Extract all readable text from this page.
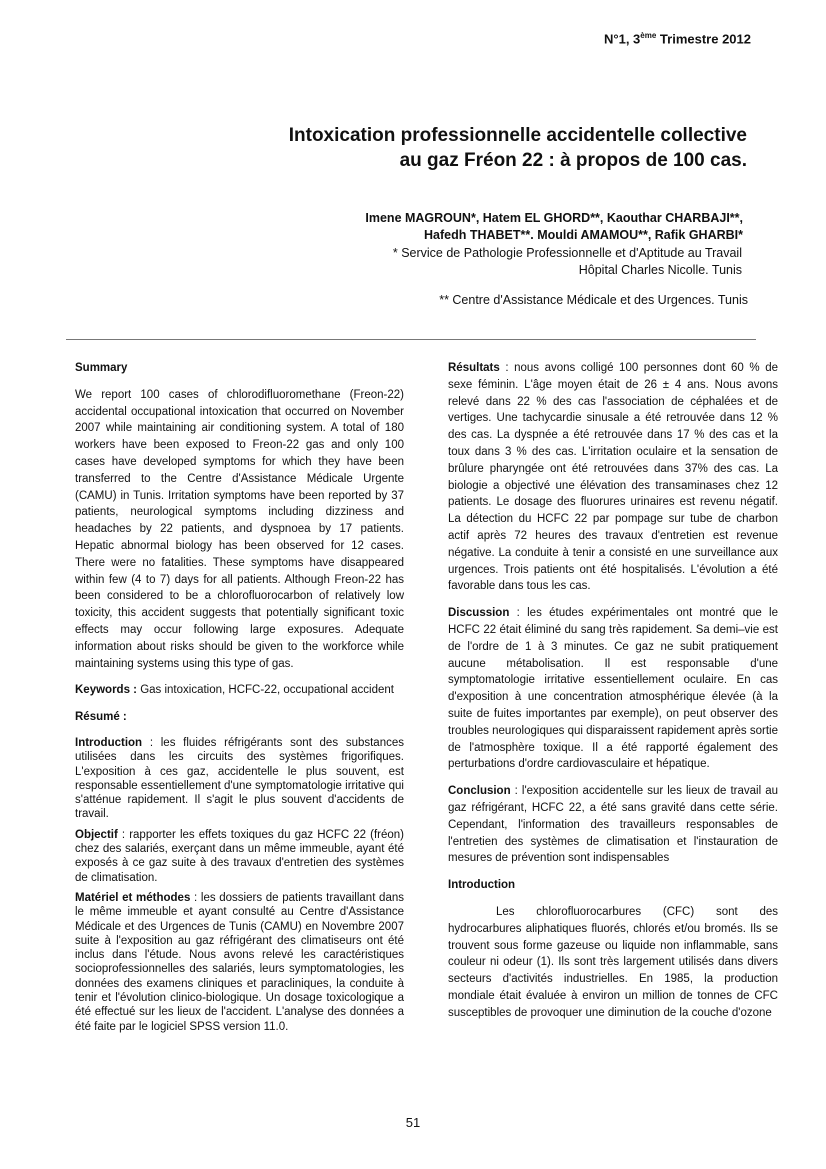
N°1, 3ème Trimestre 2012
Intoxication professionnelle accidentelle collective
au gaz Fréon 22 : à propos de 100 cas.
Imene MAGROUN*, Hatem EL GHORD**, Kaouthar CHARBAJI**,
Hafedh THABET**. Mouldi AMAMOU**, Rafik GHARBI*
* Service de Pathologie Professionnelle et d'Aptitude au Travail
Hôpital Charles Nicolle. Tunis
** Centre d'Assistance Médicale et des Urgences. Tunis
Summary

We report 100 cases of chlorodifluoromethane (Freon-22) accidental occupational intoxication that occurred on November 2007 while maintaining air conditioning system. A total of 180 workers have been exposed to Freon-22 gas and only 100 cases have developed symptoms for which they have been transferred to the Centre d'Assistance Médicale Urgente (CAMU) in Tunis. Irritation symptoms have been reported by 37 patients, neurological symptoms including dizziness and headaches by 22 patients, and dyspnoea by 17 patients. Hepatic abnormal biology has been observed for 12 cases. There were no fatalities. These symptoms have disappeared within few (4 to 7) days for all patients. Although Freon-22 has been considered to be a chlorofluorocarbon of relatively low toxicity, this accident suggests that potentially significant toxic effects may occur following large exposures. Adequate information about risks should be given to the workforce while maintaining systems using this type of gas.

Keywords : Gas intoxication, HCFC-22, occupational accident

Résumé :

Introduction : les fluides réfrigérants sont des substances utilisées dans les circuits des systèmes frigorifiques. L'exposition à ces gaz, accidentelle le plus souvent, est responsable essentiellement d'une symptomatologie irritative qui s'atténue rapidement. Il s'agit le plus souvent d'accidents de travail.

Objectif : rapporter les effets toxiques du gaz HCFC 22 (fréon) chez des salariés, exerçant dans un même immeuble, ayant été exposés à ce gaz suite à des travaux d'entretien des systèmes de climatisation.

Matériel et méthodes : les dossiers de patients travaillant dans le même immeuble et ayant consulté au Centre d'Assistance Médicale et des Urgences de Tunis (CAMU) en Novembre 2007 suite à l'exposition au gaz réfrigérant des climatiseurs ont été inclus dans l'étude. Nous avons relevé les caractéristiques socioprofessionnelles des salariés, leurs symptomatologies, les données des examens cliniques et paracliniques, la conduite à tenir et l'évolution clinico-biologique. Un dosage toxicologique a été effectué sur les lieux de l'accident. L'analyse des données a été faite par le logiciel SPSS version 11.0.

Résultats : nous avons colligé 100 personnes dont 60 % de sexe féminin. L'âge moyen était de 26 ± 4 ans. Nous avons relevé dans 22 % des cas l'association de céphalées et de vertiges. Une tachycardie sinusale a été retrouvée dans 12 % des cas. La dyspnée a été retrouvée dans 17 % des cas et la toux dans 3 % des cas. L'irritation oculaire et la sensation de brûlure pharyngée ont été retrouvées dans 37% des cas. La biologie a objectivé une élévation des transaminases chez 12 patients. Le dosage des fluorures urinaires est revenu négatif. La détection du HCFC 22 par pompage sur tube de charbon actif après 72 heures des travaux d'entretien est revenue négative. La conduite à tenir a consisté en une surveillance aux urgences. Trois patients ont été hospitalisés. L'évolution a été favorable dans tous les cas.

Discussion : les études expérimentales ont montré que le HCFC 22 était éliminé du sang très rapidement. Sa demi–vie est de l'ordre de 1 à 3 minutes. Ce gaz ne subit pratiquement aucune métabolisation. Il est responsable d'une symptomatologie irritative essentiellement oculaire. En cas d'exposition à une concentration atmosphérique élevée (à la suite de fuites importantes par exemple), on peut observer des troubles neurologiques qui disparaissent rapidement après sortie de l'atmosphère toxique. Il a été rapporté également des perturbations d'ordre cardiovasculaire et hépatique.

Conclusion : l'exposition accidentelle sur les lieux de travail au gaz réfrigérant, HCFC 22, a été sans gravité dans cette série. Cependant, l'information des travailleurs responsables de l'entretien des systèmes de climatisation et l'instauration de mesures de prévention sont indispensables

Introduction

Les chlorofluorocarbures (CFC) sont des hydrocarbures aliphatiques fluorés, chlorés et/ou bromés. Ils se trouvent sous forme gazeuse ou liquide non inflammable, sans couleur ni odeur (1). Ils sont très largement utilisés dans divers secteurs d'activités industrielles. En 1985, la production mondiale était évaluée à environ un million de tonnes de CFC susceptibles de provoquer une diminution de la couche d'ozone

51
